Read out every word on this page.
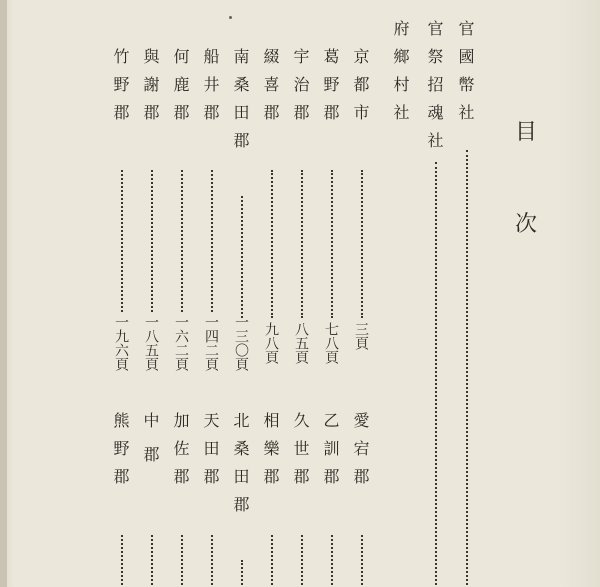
目
次
官國幣社
官祭招魂社
府鄉村社
京都市
三頁
葛野郡
七八頁
宇治郡
八五頁
綴喜郡
九八頁
南桑田郡
一三〇頁
船井郡
一四二頁
何鹿郡
一六二頁
與謝郡
一八五頁
竹野郡
一九六頁
愛宕郡
乙訓郡
久世郡
相樂郡
北桑田郡
天田郡
加佐郡
中郡
熊野郡
